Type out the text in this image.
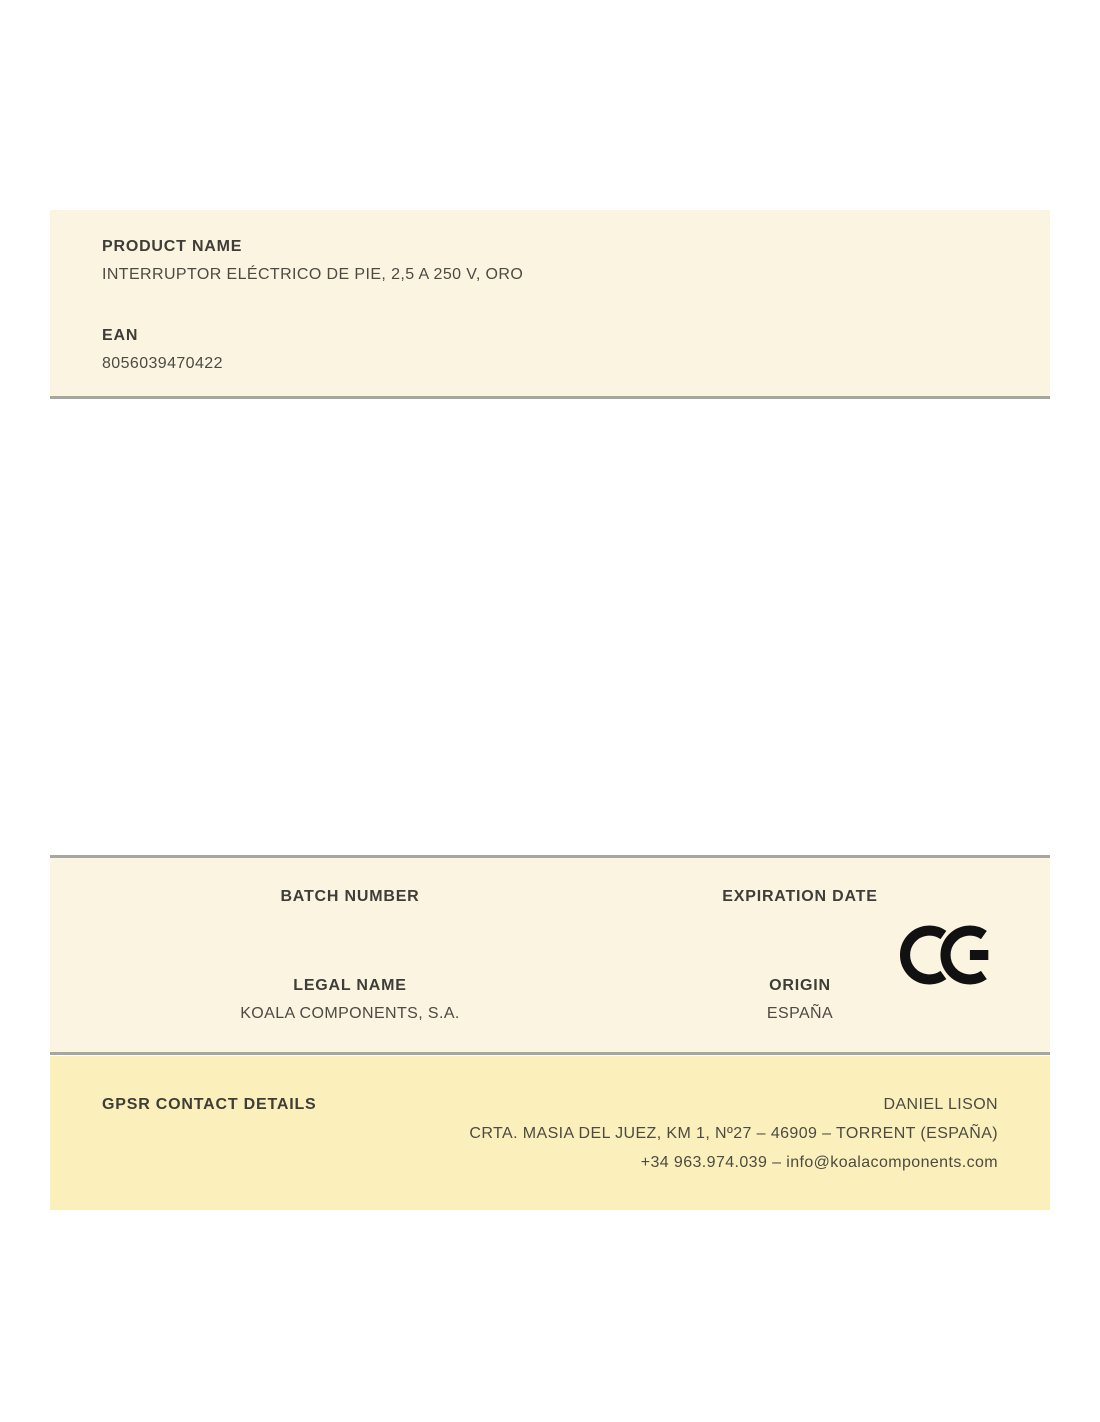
PRODUCT NAME
INTERRUPTOR ELÉCTRICO DE PIE, 2,5 A 250 V, ORO
EAN
8056039470422
BATCH NUMBER	EXPIRATION DATE
LEGAL NAME
KOALA COMPONENTS, S.A.
ORIGIN
ESPAÑA
GPSR CONTACT DETAILS	DANIEL LISON
CRTA. MASIA DEL JUEZ, KM 1, Nº27 – 46909 – TORRENT (ESPAÑA)
+34 963.974.039 – info@koalacomponents.com
